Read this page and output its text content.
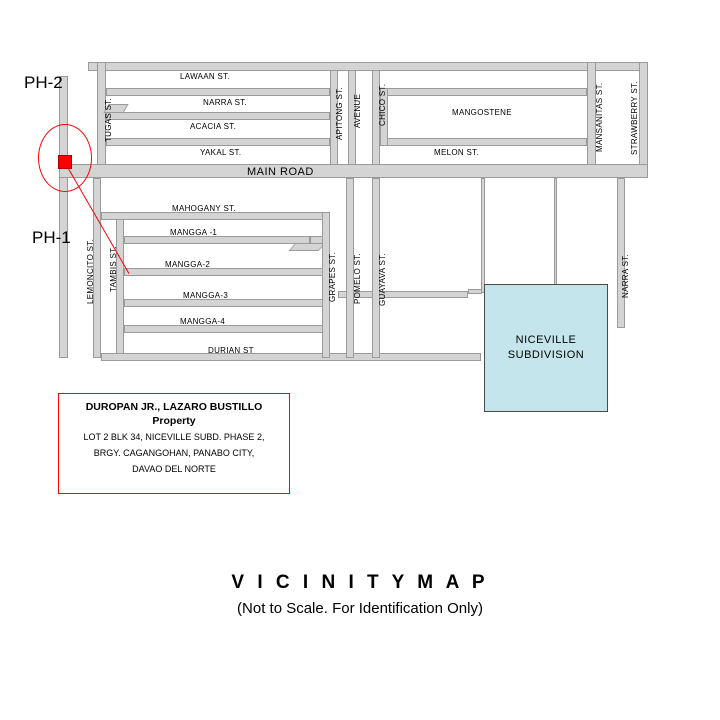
NICEVILLE
SUBDIVISION
PH-2
PH-1
LAWAAN ST.
NARRA ST.
ACACIA ST.
YAKAL ST.
MANGOSTENE
MELON ST.
MAIN ROAD
MAHOGANY ST.
MANGGA -1
MANGGA-2
MANGGA-3
MANGGA-4
DURIAN ST
TUGAS ST.	APITONG ST. AVENUE CHICO ST.	MANSANITAS ST.	STRAWBERRY ST.
LEMONCITO ST. TAMBIS ST.	GRAPES ST. POMELO ST. GUAYAVA ST.	NARRA ST.
DUROPAN JR., LAZARO BUSTILLO
Property
LOT 2 BLK 34, NICEVILLE SUBD. PHASE 2,
BRGY. CAGANGOHAN, PANABO CITY,
DAVAO DEL NORTE
V I C I N I T Y M A P
(Not to Scale. For Identification Only)
